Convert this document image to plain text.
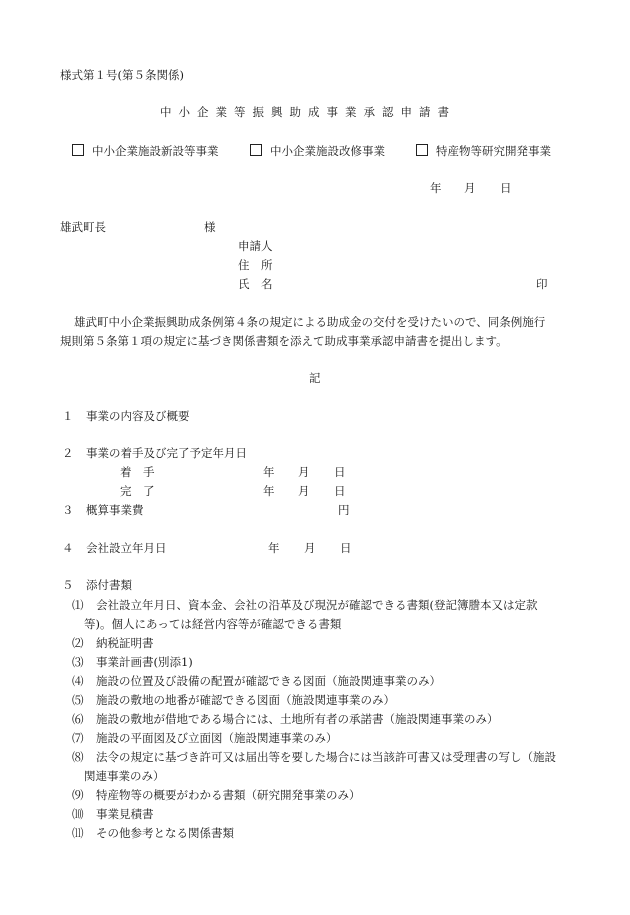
様式第１号(第５条関係)
中小企業等振興助成事業承認申請書
中小企業施設新設等事業	中小企業施設改修事業	特産物等研究開発事業
年 月 日
雄武町長	様
申請人
住　所
氏　名	印
雄武町中小企業振興助成条例第４条の規定による助成金の交付を受けたいので、同条例施行
規則第５条第１項の規定に基づき関係書類を添えて助成事業承認申請書を提出します。
記
１ 事業の内容及び概要
２ 事業の着手及び完了予定年月日
着　手	年 月 日
完　了	年 月 日
３ 概算事業費	円
４ 会社設立年月日	年 月 日
５ 添付書類
⑴ 会社設立年月日、資本金、会社の沿革及び現況が確認できる書類(登記簿謄本又は定款
等)。個人にあっては経営内容等が確認できる書類
⑵ 納税証明書
⑶ 事業計画書(別添1)
⑷ 施設の位置及び設備の配置が確認できる図面（施設関連事業のみ）
⑸ 施設の敷地の地番が確認できる図面（施設関連事業のみ）
⑹ 施設の敷地が借地である場合には、土地所有者の承諾書（施設関連事業のみ）
⑺ 施設の平面図及び立面図（施設関連事業のみ）
⑻ 法令の規定に基づき許可又は届出等を要した場合には当該許可書又は受理書の写し（施設
関連事業のみ）
⑼ 特産物等の概要がわかる書類（研究開発事業のみ）
⑽ 事業見積書
⑾ その他参考となる関係書類
